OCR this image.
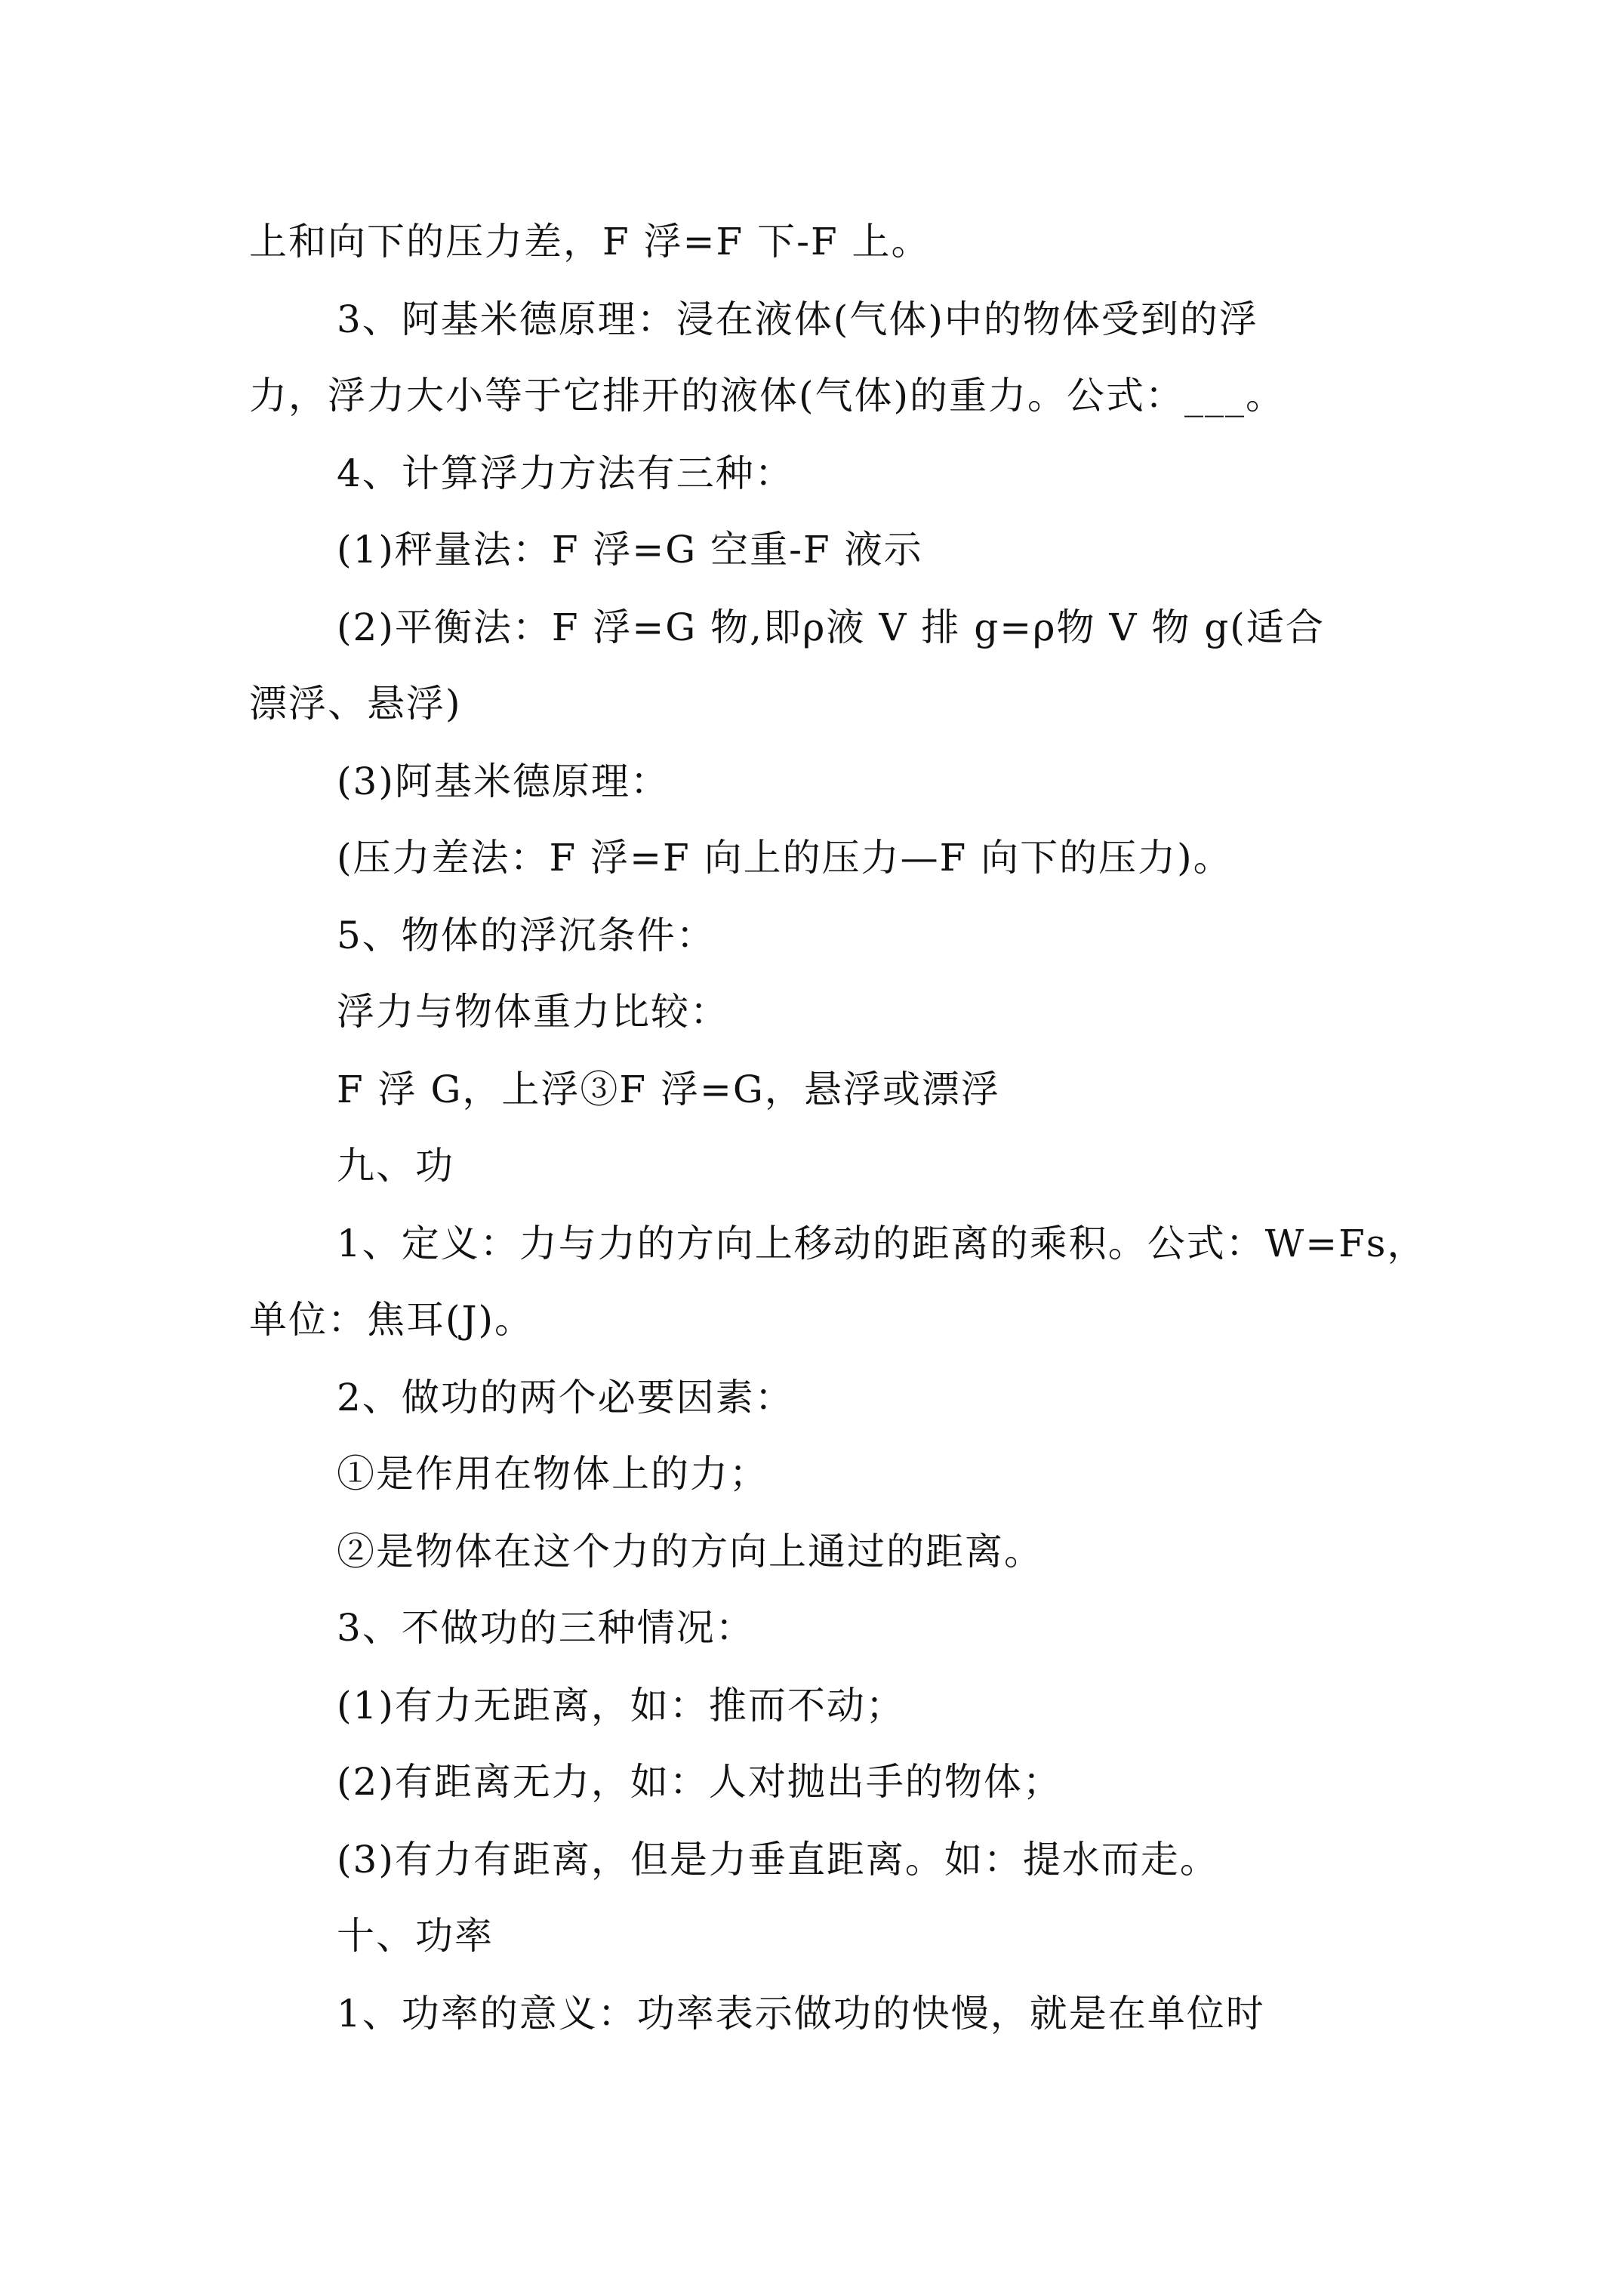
上和向下的压力差，F 浮=F 下-F 上。
3、阿基米德原理：浸在液体(气体)中的物体受到的浮
力，浮力大小等于它排开的液体(气体)的重力。公式：___。
4、计算浮力方法有三种：
(1)秤量法：F 浮=G 空重-F 液示
(2)平衡法：F 浮=G 物,即ρ液 V 排 g=ρ物 V 物 g(适合
漂浮、悬浮)
(3)阿基米德原理：
(压力差法：F 浮=F 向上的压力—F 向下的压力)。
5、物体的浮沉条件：
浮力与物体重力比较：
F 浮 G，上浮③F 浮=G，悬浮或漂浮
九、功
1、定义：力与力的方向上移动的距离的乘积。公式：W=Fs，
单位：焦耳(J)。
2、做功的两个必要因素：
①是作用在物体上的力；
②是物体在这个力的方向上通过的距离。
3、不做功的三种情况：
(1)有力无距离，如：推而不动；
(2)有距离无力，如：人对抛出手的物体；
(3)有力有距离，但是力垂直距离。如：提水而走。
十、功率
1、功率的意义：功率表示做功的快慢，就是在单位时
